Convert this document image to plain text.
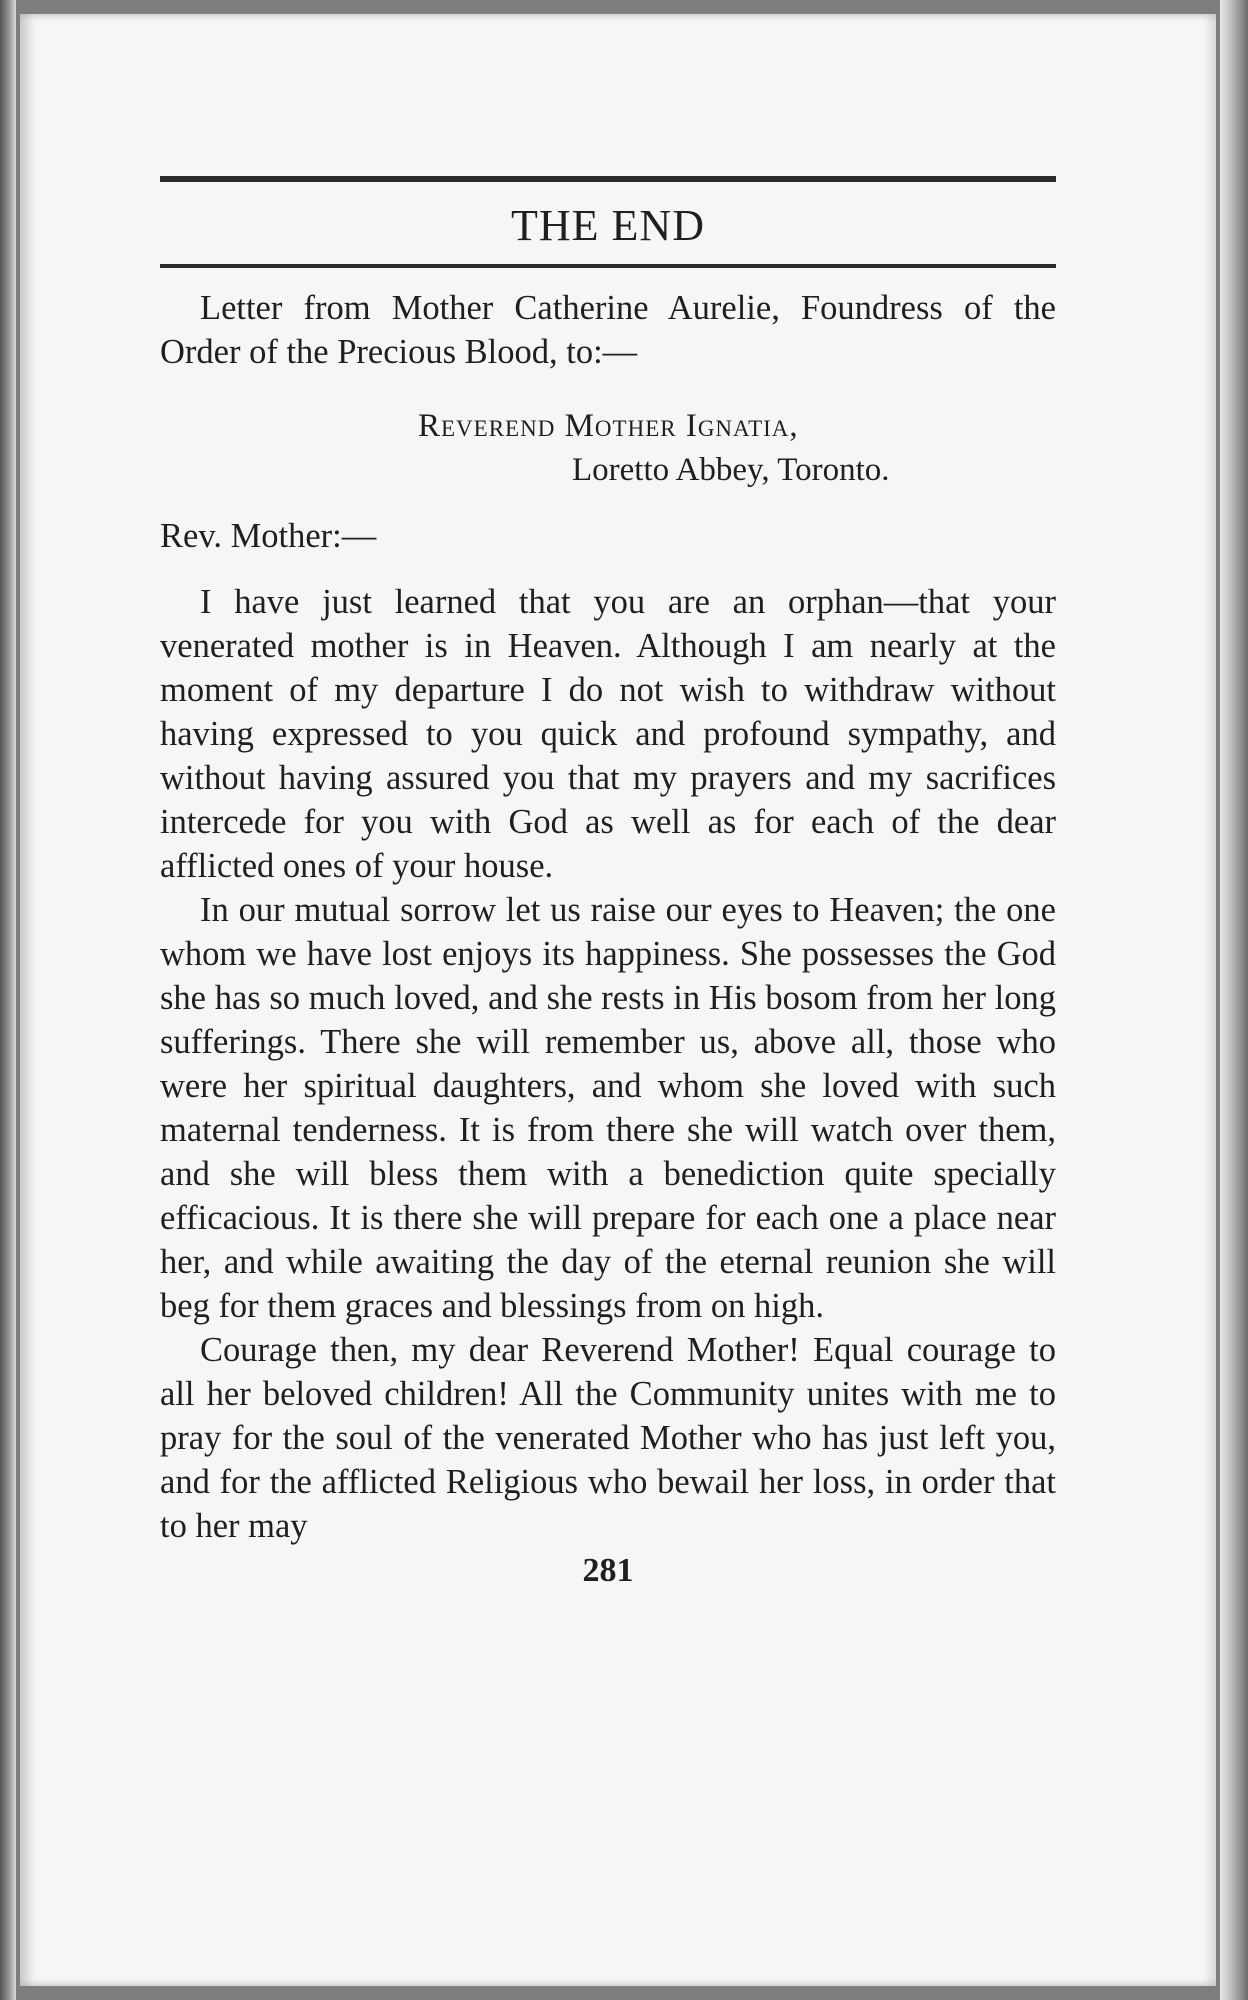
THE END

Letter from Mother Catherine Aurelie, Foundress of the Order of the Precious Blood, to:—

Reverend Mother Ignatia,
Loretto Abbey, Toronto.

Rev. Mother:—

I have just learned that you are an orphan—that your venerated mother is in Heaven. Although I am nearly at the moment of my departure I do not wish to withdraw without having expressed to you quick and profound sympathy, and without having assured you that my prayers and my sacrifices intercede for you with God as well as for each of the dear afflicted ones of your house.

In our mutual sorrow let us raise our eyes to Heaven; the one whom we have lost enjoys its happiness. She possesses the God she has so much loved, and she rests in His bosom from her long sufferings. There she will remember us, above all, those who were her spiritual daughters, and whom she loved with such maternal tenderness. It is from there she will watch over them, and she will bless them with a benediction quite specially efficacious. It is there she will prepare for each one a place near her, and while awaiting the day of the eternal reunion she will beg for them graces and blessings from on high.

Courage then, my dear Reverend Mother! Equal courage to all her beloved children! All the Community unites with me to pray for the soul of the venerated Mother who has just left you, and for the afflicted Religious who bewail her loss, in order that to her may

281
